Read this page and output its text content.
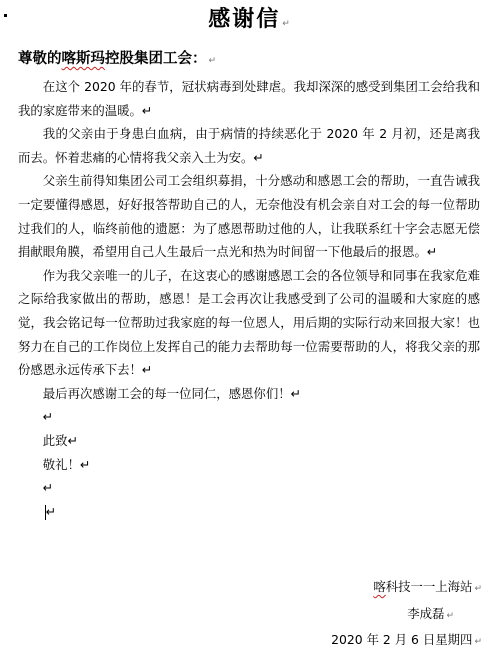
感谢信 ↵
尊敬的喀斯玛控股集团工会： ↵

在这个 2020 年的春节，冠状病毒到处肆虐。我却深深的感受到集团工会给我和我的家庭带来的温暖。↵

我的父亲由于身患白血病，由于病情的持续恶化于 2020 年 2 月初，还是离我而去。怀着悲痛的心情将我父亲入土为安。↵

父亲生前得知集团公司工会组织募捐，十分感动和感恩工会的帮助，一直告诫我一定要懂得感恩，好好报答帮助自己的人，无奈他没有机会亲自对工会的每一位帮助过我们的人，临终前他的遗愿：为了感恩帮助过他的人，让我联系红十字会志愿无偿捐献眼角膜，希望用自己人生最后一点光和热为时间留一下他最后的报恩。↵

作为我父亲唯一的儿子，在这衷心的感谢感恩工会的各位领导和同事在我家危难之际给我家做出的帮助，感恩！是工会再次让我感受到了公司的温暖和大家庭的感觉，我会铭记每一位帮助过我家庭的每一位恩人，用后期的实际行动来回报大家！也努力在自己的工作岗位上发挥自己的能力去帮助每一位需要帮助的人，将我父亲的那份感恩永远传承下去！↵

最后再次感谢工会的每一位同仁，感恩你们！↵

↵

此致↵

敬礼！↵

↵

↵

喀科技一一上海站 ↵

李成磊 ↵

2020 年 2 月 6 日星期四 ↵
